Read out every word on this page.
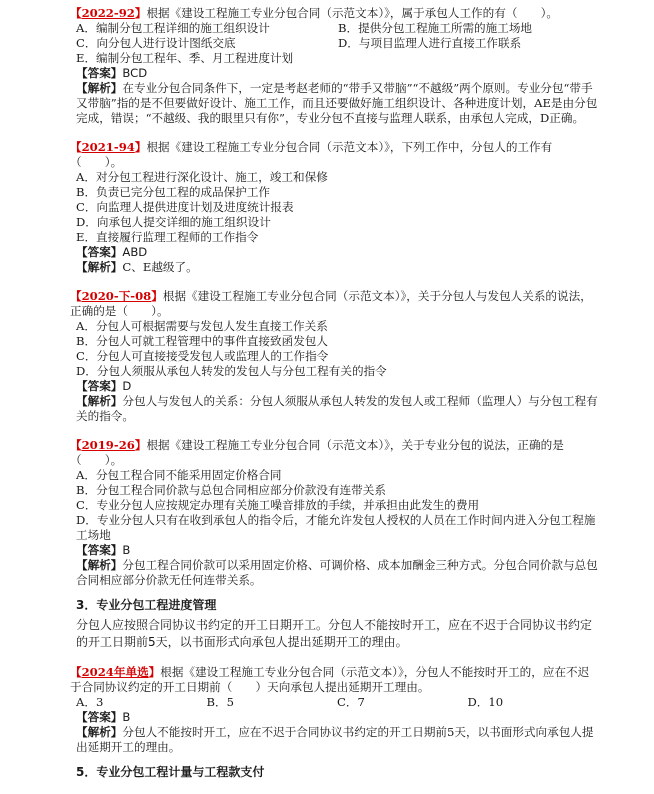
【2022-92】根据《建设工程施工专业分包合同（示范文本）》，属于承包人工作的有（　　）。
A．编制分包工程详细的施工组织设计	B．提供分包工程施工所需的施工场地
C．向分包人进行设计图纸交底	D．与项目监理人进行直接工作联系
E．编制分包工程年、季、月工程进度计划
【答案】BCD
【解析】在专业分包合同条件下，一定是考赵老师的“带手又带脑”“不越级”两个原则。专业分包“带手又带脑”指的是不但要做好设计、施工工作，而且还要做好施工组织设计、各种进度计划，AE是由分包完成，错误；“不越级、我的眼里只有你”，专业分包不直接与监理人联系，由承包人完成，D正确。
【2021-94】根据《建设工程施工专业分包合同（示范文本）》，下列工作中，分包人的工作有（　　）。
A．对分包工程进行深化设计、施工，竣工和保修
B．负责已完分包工程的成品保护工作
C．向监理人提供进度计划及进度统计报表
D．向承包人提交详细的施工组织设计
E．直接履行监理工程师的工作指令
【答案】ABD
【解析】C、E越级了。
【2020-下-08】根据《建设工程施工专业分包合同（示范文本）》，关于分包人与发包人关系的说法，正确的是（　　）。
A．分包人可根据需要与发包人发生直接工作关系
B．分包人可就工程管理中的事件直接致函发包人
C．分包人可直接接受发包人或监理人的工作指令
D．分包人须服从承包人转发的发包人与分包工程有关的指令
【答案】D
【解析】分包人与发包人的关系：分包人须服从承包人转发的发包人或工程师（监理人）与分包工程有关的指令。
【2019-26】根据《建设工程施工专业分包合同（示范文本）》，关于专业分包的说法，正确的是（　　）。
A．分包工程合同不能采用固定价格合同
B．分包工程合同价款与总包合同相应部分价款没有连带关系
C．专业分包人应按规定办理有关施工噪音排放的手续，并承担由此发生的费用
D．专业分包人只有在收到承包人的指令后，才能允许发包人授权的人员在工作时间内进入分包工程施工场地
【答案】B
【解析】分包工程合同价款可以采用固定价格、可调价格、成本加酬金三种方式。分包合同价款与总包合同相应部分价款无任何连带关系。
3．专业分包工程进度管理
分包人应按照合同协议书约定的开工日期开工。分包人不能按时开工，应在不迟于合同协议书约定的开工日期前5天，以书面形式向承包人提出延期开工的理由。
【2024年单选】根据《建设工程施工专业分包合同（示范文本）》，分包人不能按时开工的，应在不迟于合同协议约定的开工日期前（　　）天向承包人提出延期开工理由。
A．3	B．5	C．7	D．10
【答案】B
【解析】分包人不能按时开工，应在不迟于合同协议书约定的开工日期前5天，以书面形式向承包人提出延期开工的理由。
5．专业分包工程计量与工程款支付
